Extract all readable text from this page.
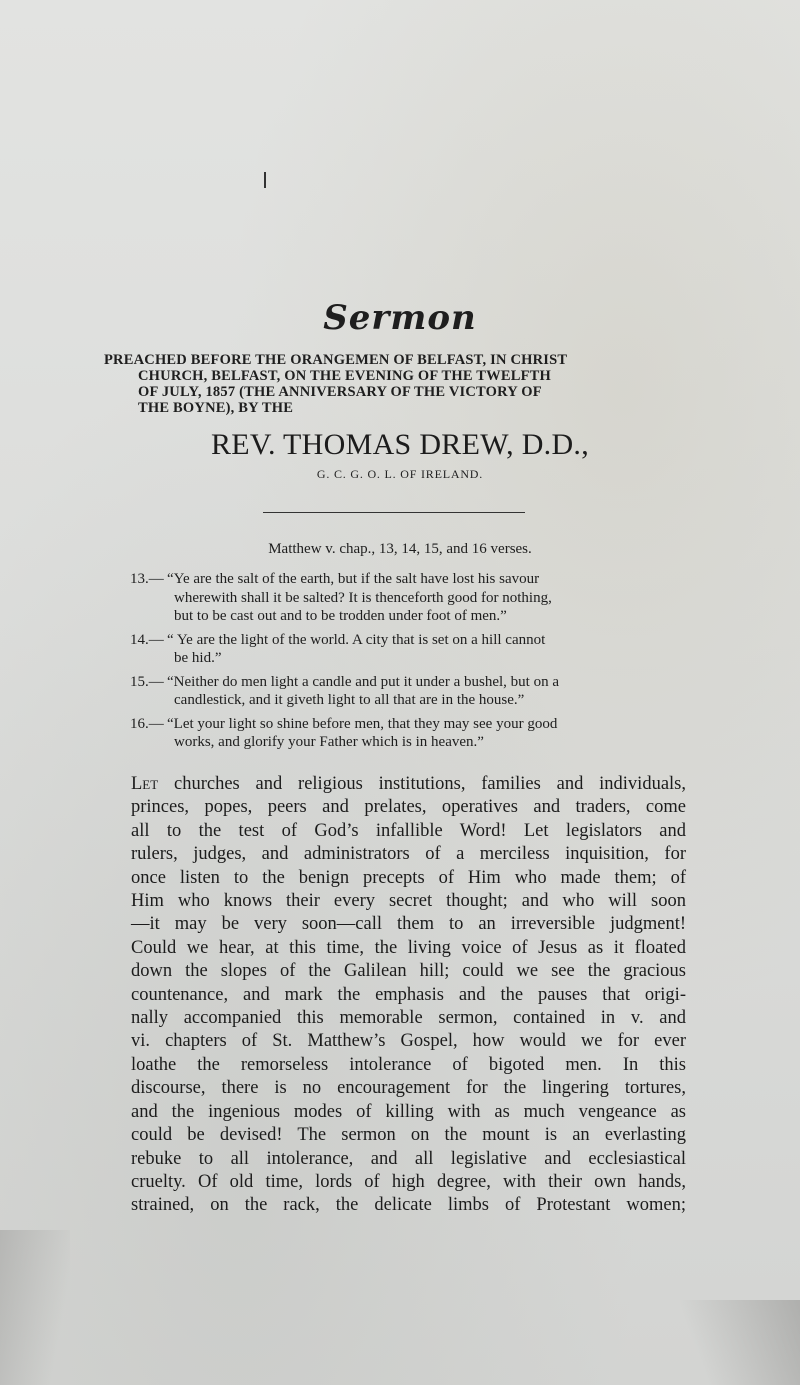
Sermon
PREACHED BEFORE THE ORANGEMEN OF BELFAST, IN CHRIST
CHURCH, BELFAST, ON THE EVENING OF THE TWELFTH
OF JULY, 1857 (THE ANNIVERSARY OF THE VICTORY OF
THE BOYNE), BY THE
REV. THOMAS DREW, D.D.,
G. C. G. O. L. OF IRELAND.
Matthew v. chap., 13, 14, 15, and 16 verses.
13.— “Ye are the salt of the earth, but if the salt have lost his savour
wherewith shall it be salted? It is thenceforth good for nothing,
but to be cast out and to be trodden under foot of men.”
14.— “ Ye are the light of the world. A city that is set on a hill cannot
be hid.”
15.— “Neither do men light a candle and put it under a bushel, but on a
candlestick, and it giveth light to all that are in the house.”
16.— “Let your light so shine before men, that they may see your good
works, and glorify your Father which is in heaven.”
Let churches and religious institutions, families and individuals,
princes, popes, peers and prelates, operatives and traders, come
all to the test of God’s infallible Word! Let legislators and
rulers, judges, and administrators of a merciless inquisition, for
once listen to the benign precepts of Him who made them; of
Him who knows their every secret thought; and who will soon
—it may be very soon—call them to an irreversible judgment!
Could we hear, at this time, the living voice of Jesus as it floated
down the slopes of the Galilean hill; could we see the gracious
countenance, and mark the emphasis and the pauses that origi-
nally accompanied this memorable sermon, contained in v. and
vi. chapters of St. Matthew’s Gospel, how would we for ever
loathe the remorseless intolerance of bigoted men. In this
discourse, there is no encouragement for the lingering tortures,
and the ingenious modes of killing with as much vengeance as
could be devised! The sermon on the mount is an everlasting
rebuke to all intolerance, and all legislative and ecclesiastical
cruelty. Of old time, lords of high degree, with their own hands,
strained, on the rack, the delicate limbs of Protestant women;
